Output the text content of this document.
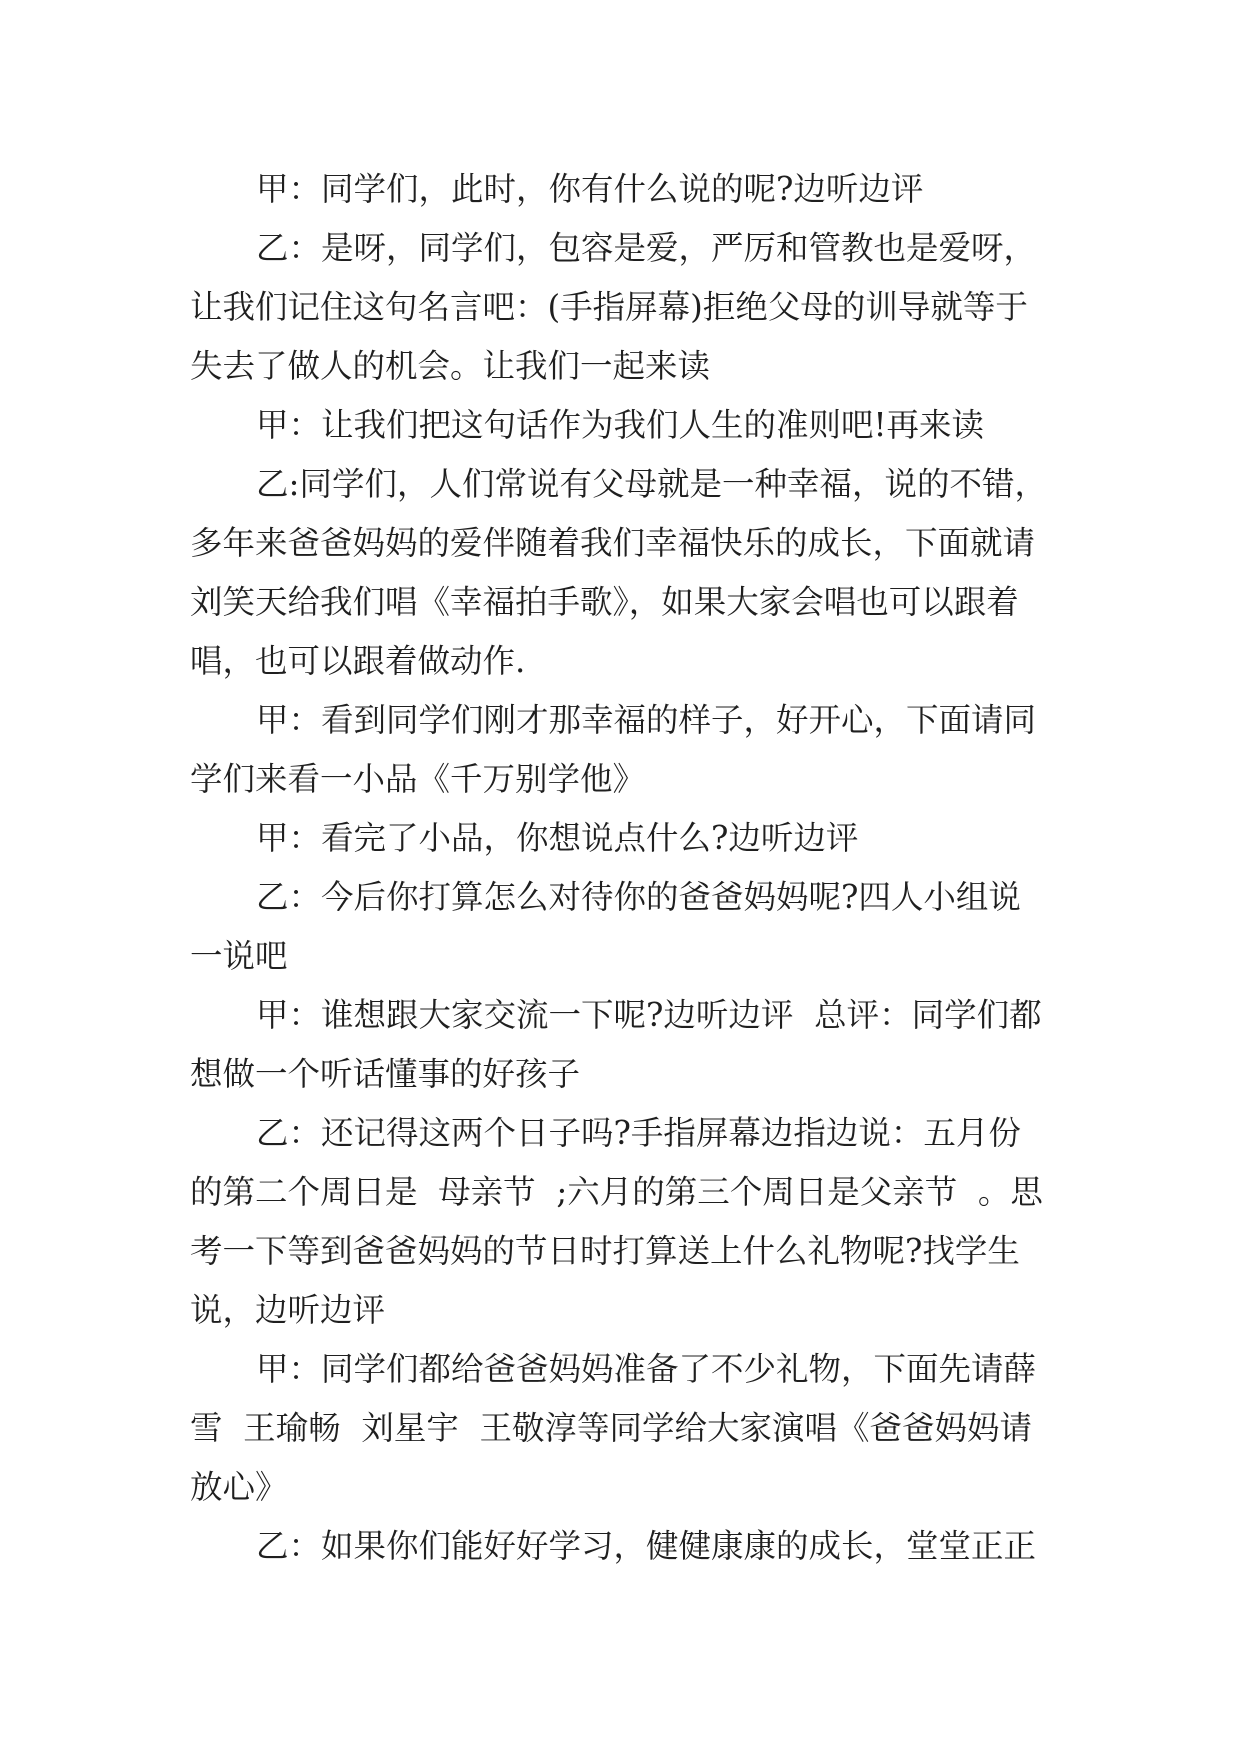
甲：同学们，此时，你有什么说的呢?边听边评
乙：是呀，同学们，包容是爱，严厉和管教也是爱呀，
让我们记住这句名言吧：(手指屏幕)拒绝父母的训导就等于
失去了做人的机会。让我们一起来读
甲：让我们把这句话作为我们人生的准则吧!再来读
乙:同学们，人们常说有父母就是一种幸福，说的不错，
多年来爸爸妈妈的爱伴随着我们幸福快乐的成长，下面就请
刘笑天给我们唱《幸福拍手歌》，如果大家会唱也可以跟着
唱，也可以跟着做动作.
甲：看到同学们刚才那幸福的样子，好开心，下面请同
学们来看一小品《千万别学他》
甲：看完了小品，你想说点什么?边听边评
乙：今后你打算怎么对待你的爸爸妈妈呢?四人小组说
一说吧
甲：谁想跟大家交流一下呢?边听边评  总评：同学们都
想做一个听话懂事的好孩子
乙：还记得这两个日子吗?手指屏幕边指边说：五月份
的第二个周日是  母亲节  ;六月的第三个周日是父亲节  。思
考一下等到爸爸妈妈的节日时打算送上什么礼物呢?找学生
说，边听边评
甲：同学们都给爸爸妈妈准备了不少礼物，下面先请薛
雪  王瑜畅  刘星宇  王敬淳等同学给大家演唱《爸爸妈妈请
放心》
乙：如果你们能好好学习，健健康康的成长，堂堂正正
